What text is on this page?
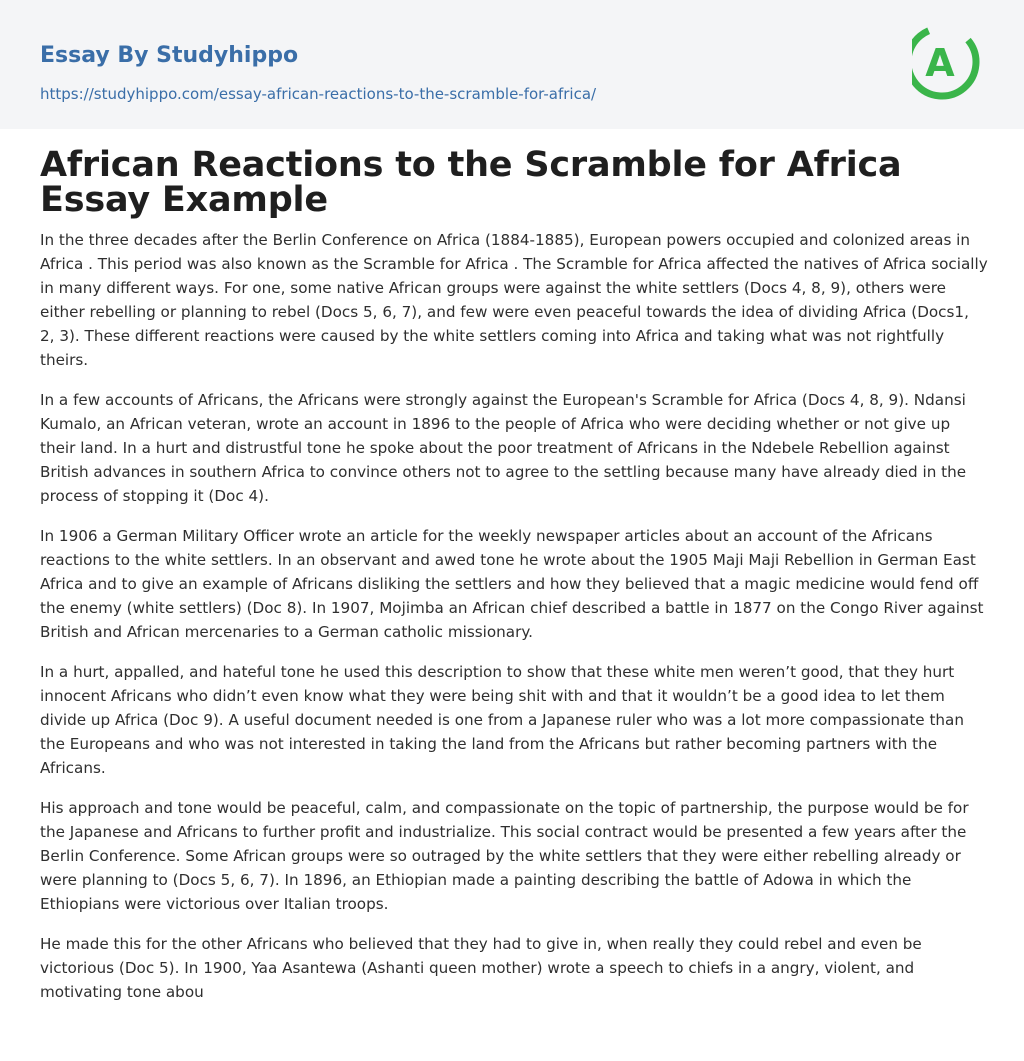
Essay By Studyhippo
https://studyhippo.com/essay-african-reactions-to-the-scramble-for-africa/
A
African Reactions to the Scramble for Africa Essay Example

In the three decades after the Berlin Conference on Africa (1884-1885), European powers occupied and colonized areas in Africa . This period was also known as the Scramble for Africa . The Scramble for Africa affected the natives of Africa socially in many different ways. For one, some native African groups were against the white settlers (Docs 4, 8, 9), others were either rebelling or planning to rebel (Docs 5, 6, 7), and few were even peaceful towards the idea of dividing Africa (Docs1, 2, 3). These different reactions were caused by the white settlers coming into Africa and taking what was not rightfully theirs.

In a few accounts of Africans, the Africans were strongly against the European's Scramble for Africa (Docs 4, 8, 9). Ndansi Kumalo, an African veteran, wrote an account in 1896 to the people of Africa who were deciding whether or not give up their land. In a hurt and distrustful tone he spoke about the poor treatment of Africans in the Ndebele Rebellion against British advances in southern Africa to convince others not to agree to the settling because many have already died in the process of stopping it (Doc 4).

In 1906 a German Military Officer wrote an article for the weekly newspaper articles about an account of the Africans reactions to the white settlers. In an observant and awed tone he wrote about the 1905 Maji Maji Rebellion in German East Africa and to give an example of Africans disliking the settlers and how they believed that a magic medicine would fend off the enemy (white settlers) (Doc 8). In 1907, Mojimba an African chief described a battle in 1877 on the Congo River against British and African mercenaries to a German catholic missionary.

In a hurt, appalled, and hateful tone he used this description to show that these white men weren’t good, that they hurt innocent Africans who didn’t even know what they were being shit with and that it wouldn’t be a good idea to let them divide up Africa (Doc 9). A useful document needed is one from a Japanese ruler who was a lot more compassionate than the Europeans and who was not interested in taking the land from the Africans but rather becoming partners with the Africans.

His approach and tone would be peaceful, calm, and compassionate on the topic of partnership, the purpose would be for the Japanese and Africans to further profit and industrialize. This social contract would be presented a few years after the Berlin Conference. Some African groups were so outraged by the white settlers that they were either rebelling already or were planning to (Docs 5, 6, 7). In 1896, an Ethiopian made a painting describing the battle of Adowa in which the Ethiopians were victorious over Italian troops.

He made this for the other Africans who believed that they had to give in, when really they could rebel and even be victorious (Doc 5). In 1900, Yaa Asantewa (Ashanti queen mother) wrote a speech to chiefs in a angry, violent, and motivating tone abou
